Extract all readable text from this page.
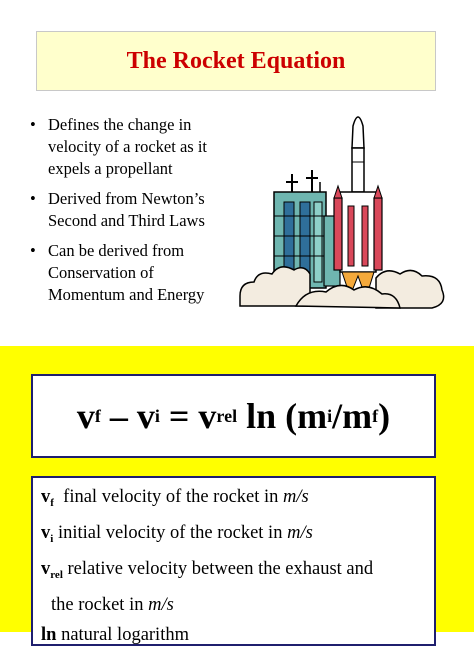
The Rocket Equation
• Defines the change in
velocity of a rocket as it
expels a propellant
• Derived from Newton’s
Second and Third Laws
• Can be derived from
Conservation of
Momentum and Energy
v f – v i = v rel ln (m i /m f )
$v_f$  final velocity of the rocket in m/s
$v_i$ initial velocity of the rocket in m/s
$v_{rel}$ relative velocity between the exhaust and
the rocket in m/s
ln natural logarithm
